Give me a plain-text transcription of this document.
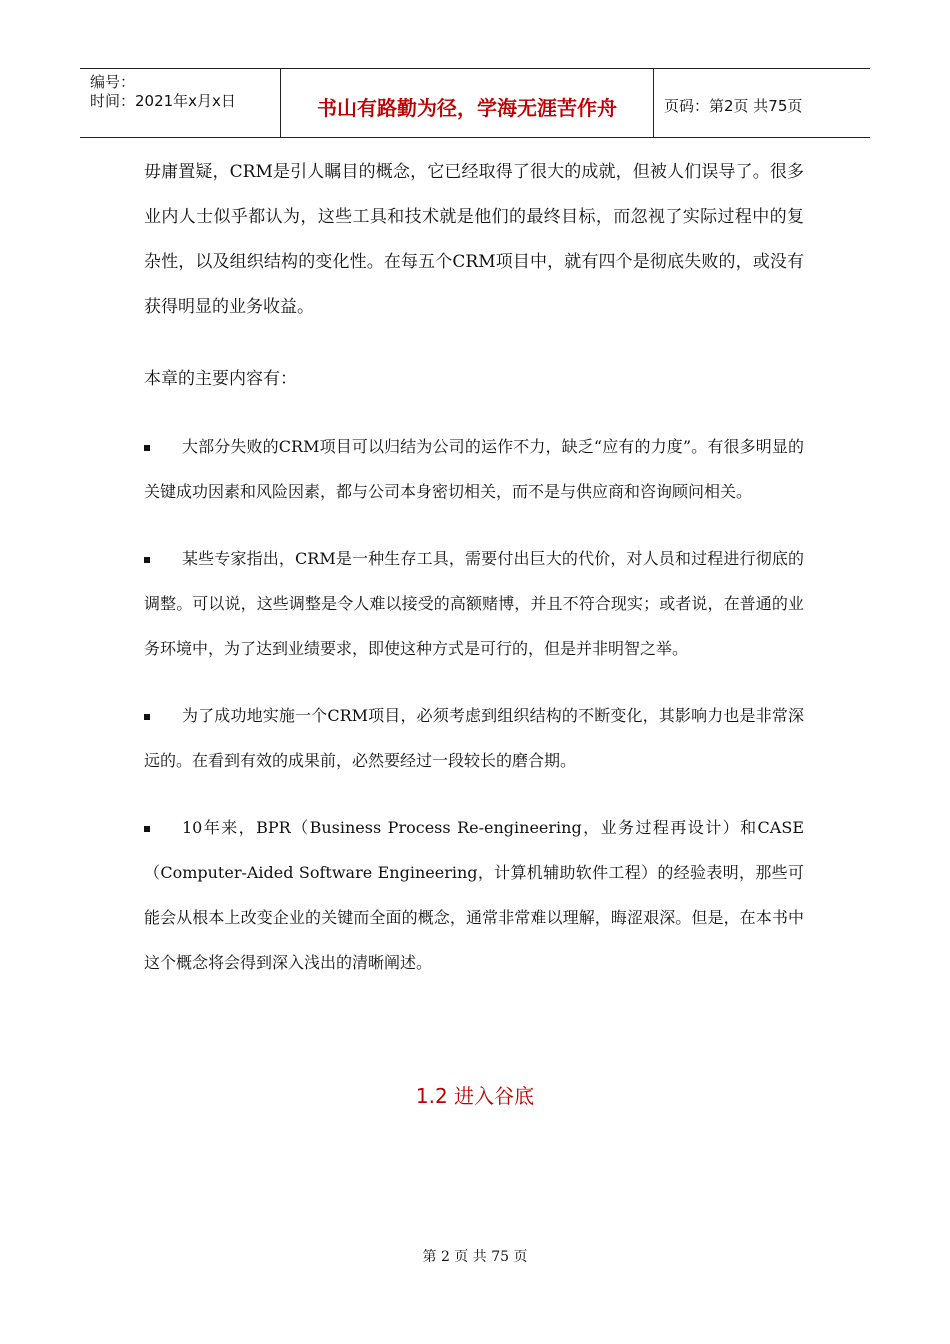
编号：
时间：2021年x月x日	书山有路勤为径，学海无涯苦作舟	页码：第2页 共75页

毋庸置疑，CRM是引人瞩目的概念，它已经取得了很大的成就，但被人们误导了。很多业内人士似乎都认为，这些工具和技术就是他们的最终目标，而忽视了实际过程中的复杂性，以及组织结构的变化性。在每五个CRM项目中，就有四个是彻底失败的，或没有获得明显的业务收益。

本章的主要内容有：

大部分失败的CRM项目可以归结为公司的运作不力，缺乏“应有的力度”。有很多明显的关键成功因素和风险因素，都与公司本身密切相关，而不是与供应商和咨询顾问相关。

某些专家指出，CRM是一种生存工具，需要付出巨大的代价，对人员和过程进行彻底的调整。可以说，这些调整是令人难以接受的高额赌博，并且不符合现实；或者说，在普通的业务环境中，为了达到业绩要求，即使这种方式是可行的，但是并非明智之举。

为了成功地实施一个CRM项目，必须考虑到组织结构的不断变化，其影响力也是非常深远的。在看到有效的成果前，必然要经过一段较长的磨合期。

10年来，BPR（Business Process Re-engineering，业务过程再设计）和CASE（Computer-Aided Software Engineering，计算机辅助软件工程）的经验表明，那些可能会从根本上改变企业的关键而全面的概念，通常非常难以理解，晦涩艰深。但是，在本书中这个概念将会得到深入浅出的清晰阐述。

1.2 进入谷底
第 2 页 共 75 页
